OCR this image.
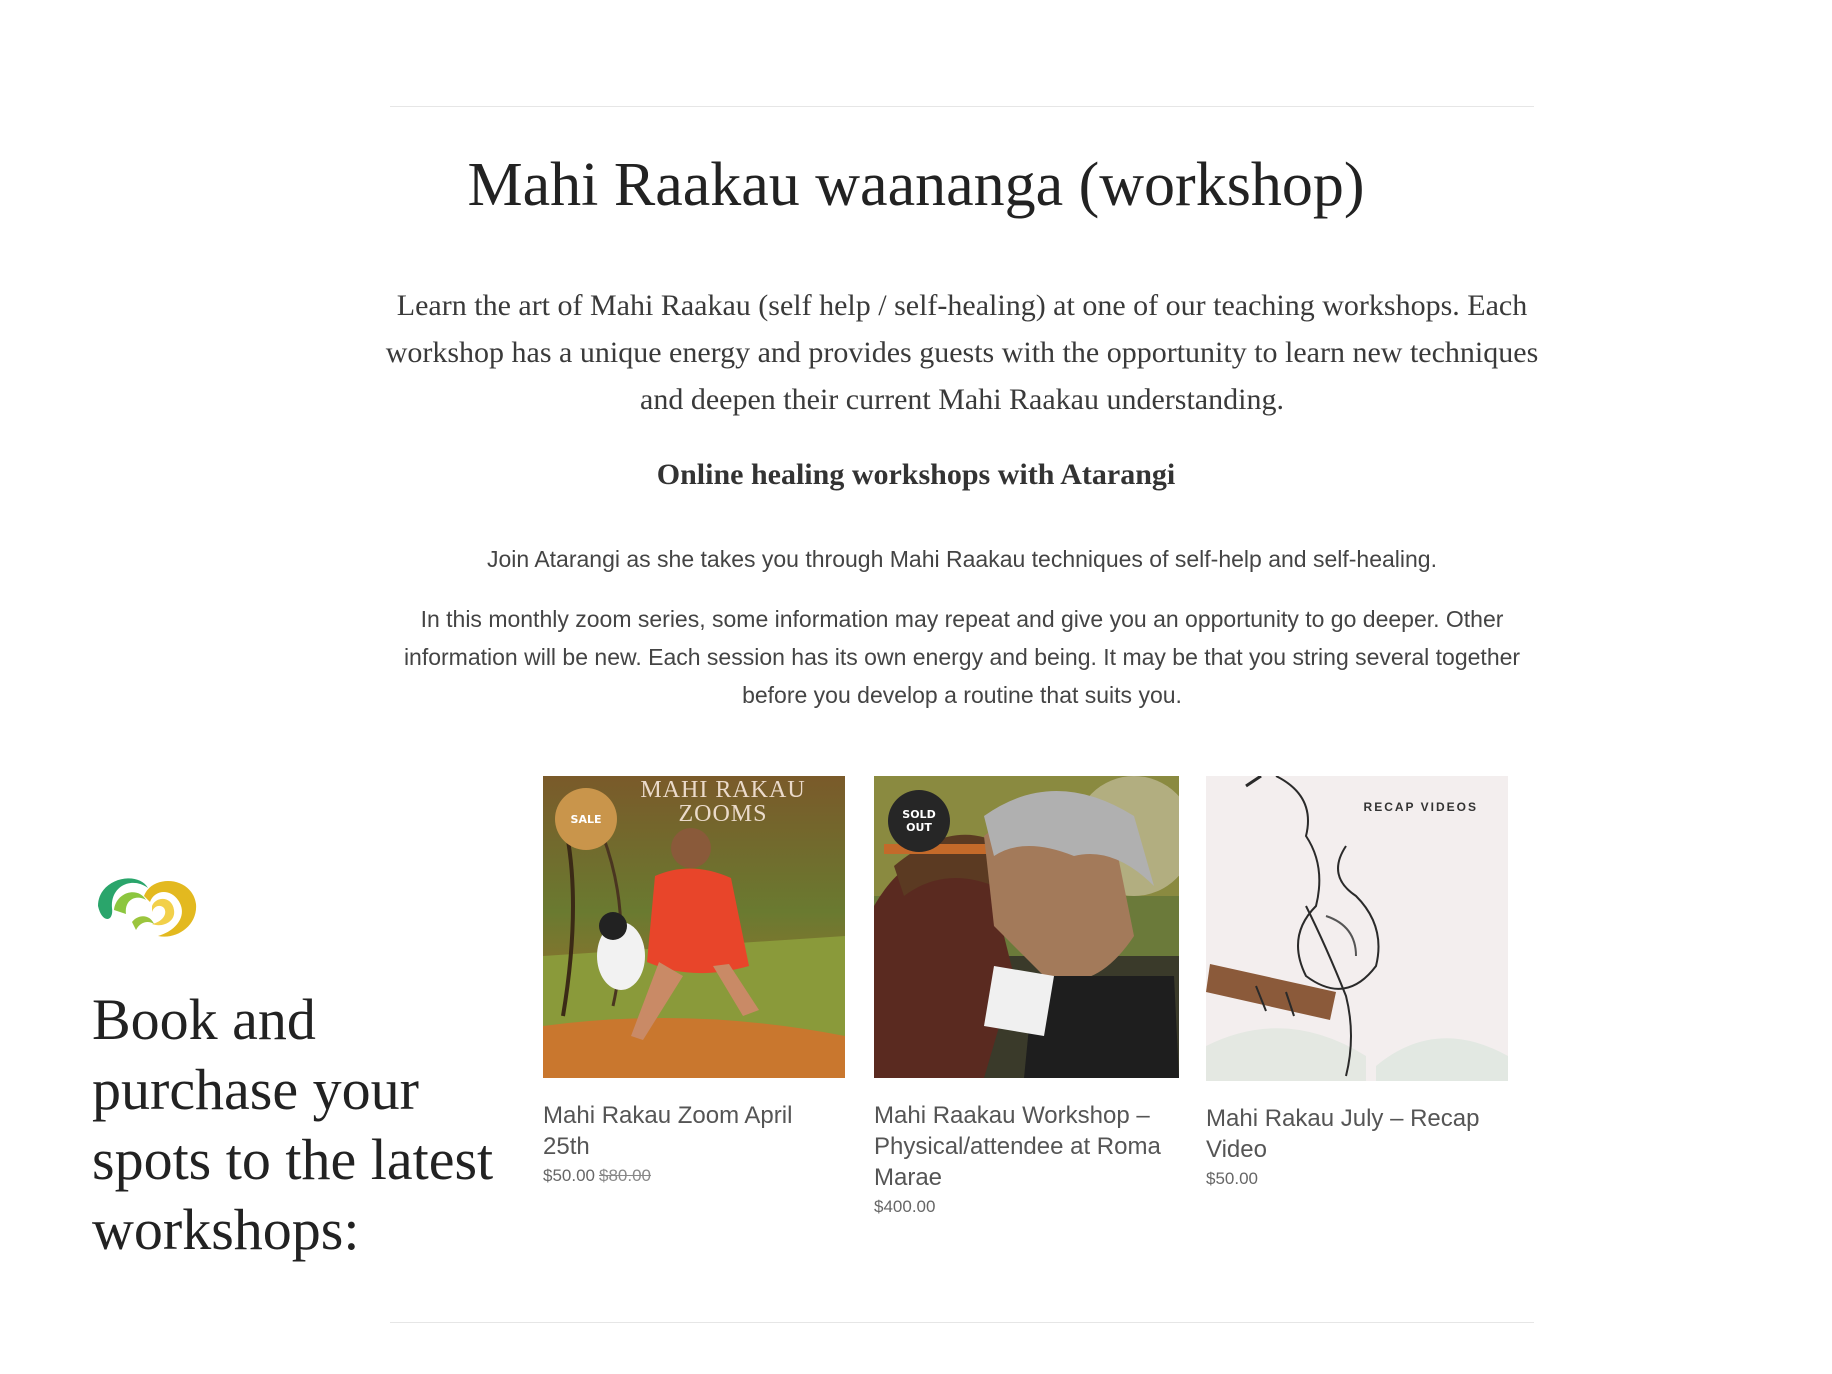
Mahi Raakau waananga (workshop)

Learn the art of Mahi Raakau (self help / self-healing) at one of our teaching workshops. Each workshop has a unique energy and provides guests with the opportunity to learn new techniques and deepen their current Mahi Raakau understanding.

Online healing workshops with Atarangi

Join Atarangi as she takes you through Mahi Raakau techniques of self-help and self-healing.

In this monthly zoom series, some information may repeat and give you an opportunity to go deeper. Other information will be new. Each session has its own energy and being. It may be that you string several together before you develop a routine that suits you.

Book and purchase your spots to the latest workshops:
MAHI RAKAU ZOOMS
SALE
Mahi Rakau Zoom April 25th
$50.00 $80.00
SOLD OUT
Mahi Raakau Workshop – Physical/attendee at Roma Marae
$400.00
RECAP VIDEOS
Mahi Rakau July – Recap Video
$50.00
